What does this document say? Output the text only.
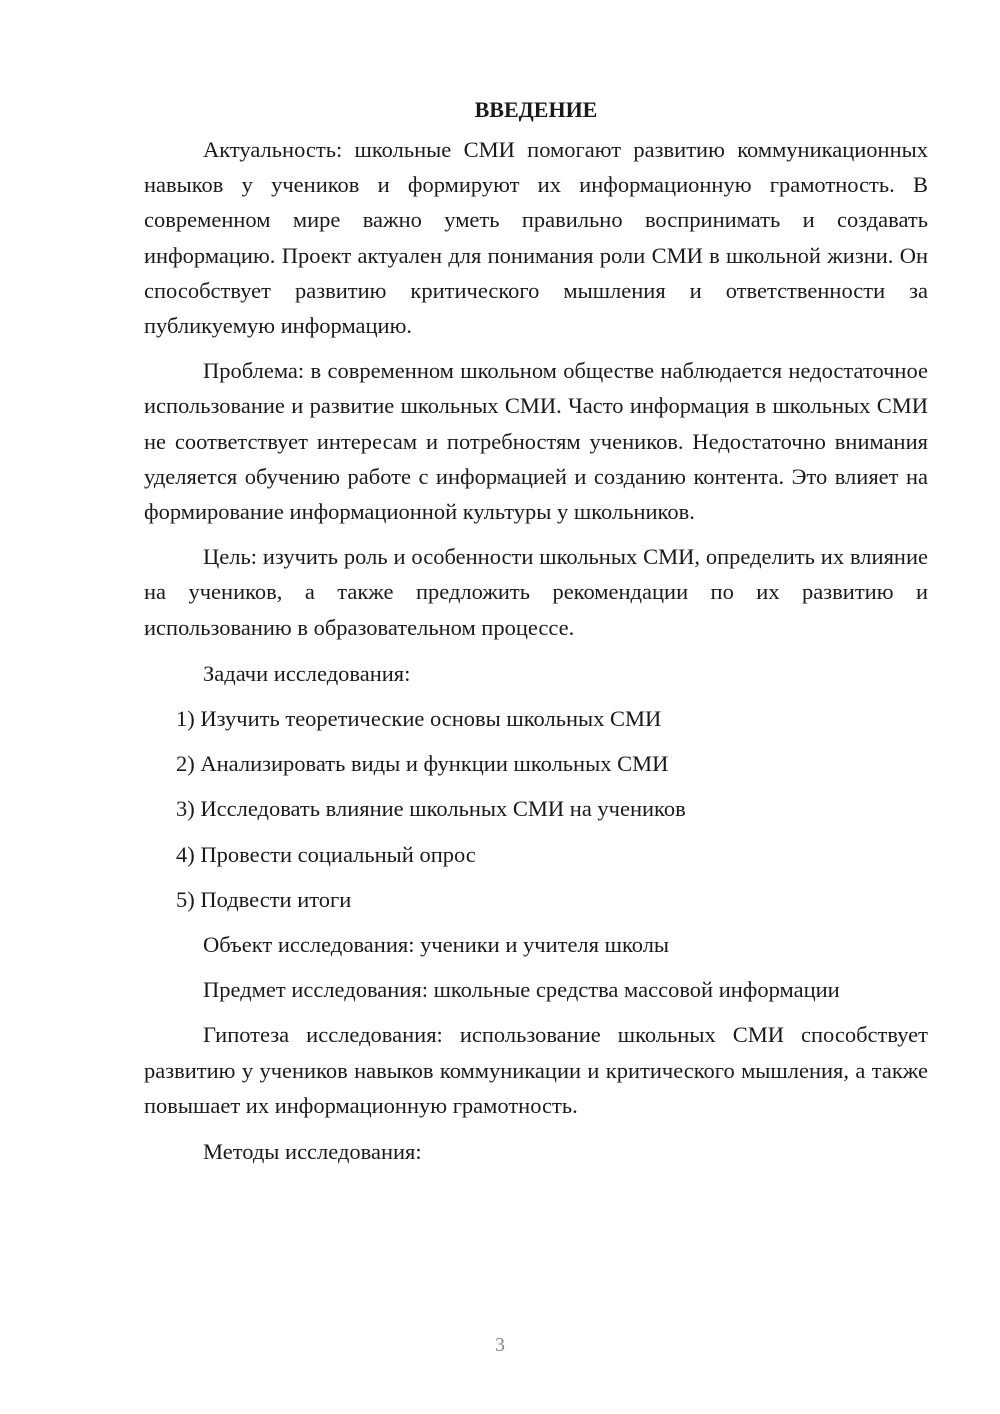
ВВЕДЕНИЕ

Актуальность: школьные СМИ помогают развитию коммуникационных навыков у учеников и формируют их информационную грамотность. В современном мире важно уметь правильно воспринимать и создавать информацию. Проект актуален для понимания роли СМИ в школьной жизни. Он способствует развитию критического мышления и ответственности за публикуемую информацию.

Проблема: в современном школьном обществе наблюдается недостаточное использование и развитие школьных СМИ. Часто информация в школьных СМИ не соответствует интересам и потребностям учеников. Недостаточно внимания уделяется обучению работе с информацией и созданию контента. Это влияет на формирование информационной культуры у школьников.

Цель: изучить роль и особенности школьных СМИ, определить их влияние на учеников, а также предложить рекомендации по их развитию и использованию в образовательном процессе.

Задачи исследования:

1) Изучить теоретические основы школьных СМИ
2) Анализировать виды и функции школьных СМИ
3) Исследовать влияние школьных СМИ на учеников
4) Провести социальный опрос
5) Подвести итоги

Объект исследования: ученики и учителя школы

Предмет исследования: школьные средства массовой информации

Гипотеза исследования: использование школьных СМИ способствует развитию у учеников навыков коммуникации и критического мышления, а также повышает их информационную грамотность.

Методы исследования:

3
